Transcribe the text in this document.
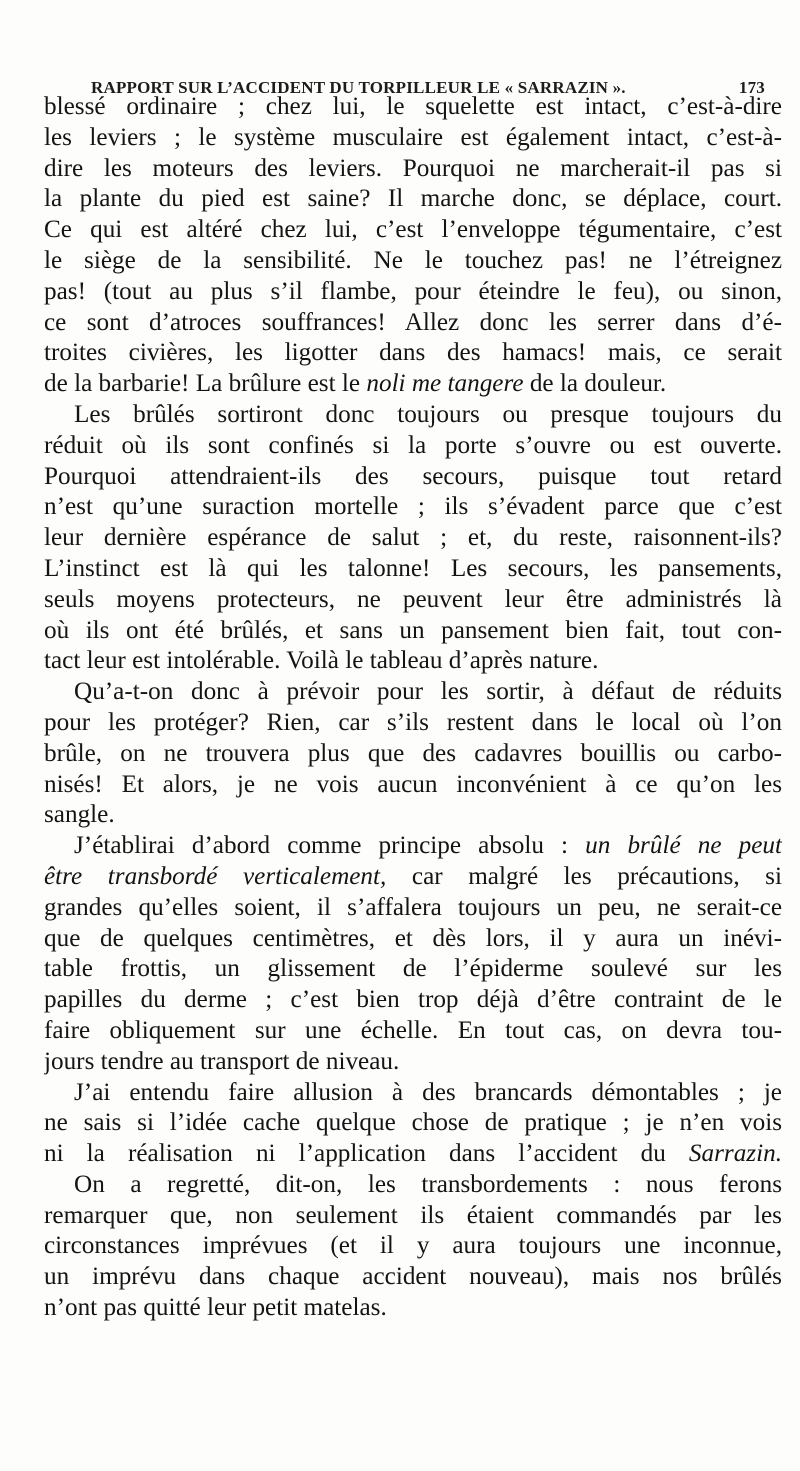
RAPPORT SUR L’ACCIDENT DU TORPILLEUR LE « SARRAZIN ».	173
blessé ordinaire ; chez lui, le squelette est intact, c’est-à-dire
les leviers ; le système musculaire est également intact, c’est-à-
dire les moteurs des leviers. Pourquoi ne marcherait-il pas si
la plante du pied est saine? Il marche donc, se déplace, court.
Ce qui est altéré chez lui, c’est l’enveloppe tégumentaire, c’est
le siège de la sensibilité. Ne le touchez pas! ne l’étreignez
pas! (tout au plus s’il flambe, pour éteindre le feu), ou sinon,
ce sont d’atroces souffrances! Allez donc les serrer dans d’é-
troites civières, les ligotter dans des hamacs! mais, ce serait
de la barbarie! La brûlure est le noli me tangere de la douleur.
Les brûlés sortiront donc toujours ou presque toujours du
réduit où ils sont confinés si la porte s’ouvre ou est ouverte.
Pourquoi attendraient-ils des secours, puisque tout retard
n’est qu’une suraction mortelle ; ils s’évadent parce que c’est
leur dernière espérance de salut ; et, du reste, raisonnent-ils?
L’instinct est là qui les talonne! Les secours, les pansements,
seuls moyens protecteurs, ne peuvent leur être administrés là
où ils ont été brûlés, et sans un pansement bien fait, tout con-
tact leur est intolérable. Voilà le tableau d’après nature.
Qu’a-t-on donc à prévoir pour les sortir, à défaut de réduits
pour les protéger? Rien, car s’ils restent dans le local où l’on
brûle, on ne trouvera plus que des cadavres bouillis ou carbo-
nisés! Et alors, je ne vois aucun inconvénient à ce qu’on les
sangle.
J’établirai d’abord comme principe absolu : un brûlé ne peut
être transbordé verticalement, car malgré les précautions, si
grandes qu’elles soient, il s’affalera toujours un peu, ne serait-ce
que de quelques centimètres, et dès lors, il y aura un inévi-
table frottis, un glissement de l’épiderme soulevé sur les
papilles du derme ; c’est bien trop déjà d’être contraint de le
faire obliquement sur une échelle. En tout cas, on devra tou-
jours tendre au transport de niveau.
J’ai entendu faire allusion à des brancards démontables ; je
ne sais si l’idée cache quelque chose de pratique ; je n’en vois
ni la réalisation ni l’application dans l’accident du Sarrazin.
On a regretté, dit-on, les transbordements : nous ferons
remarquer que, non seulement ils étaient commandés par les
circonstances imprévues (et il y aura toujours une inconnue,
un imprévu dans chaque accident nouveau), mais nos brûlés
n’ont pas quitté leur petit matelas.
